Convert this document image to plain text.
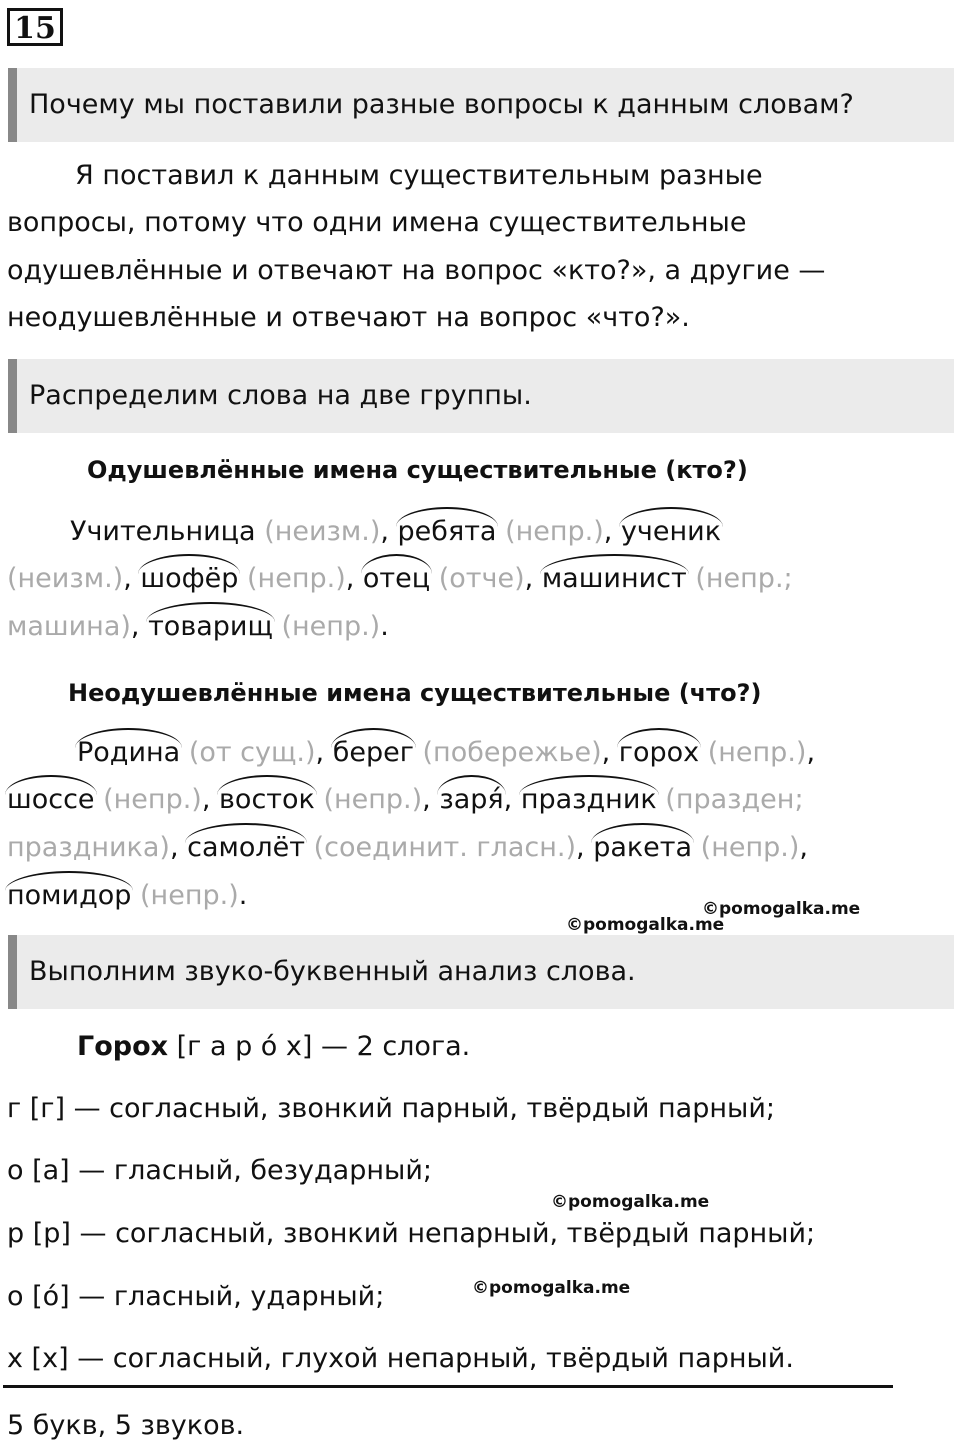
15
Почему мы поставили разные вопросы к данным словам?
Я поставил к данным существительным разные
вопросы, потому что одни имена существительные
одушевлённые и отвечают на вопрос «кто?», а другие —
неодушевлённые и отвечают на вопрос «что?».
Распределим слова на две группы.
Одушевлённые имена существительные (кто?)
Учительница (неизм.), ребята (непр.), ученик
(неизм.), шофёр (непр.), отец (отче), машинист (непр.;
машина), товарищ (непр.).
Неодушевлённые имена существительные (что?)
Родина (от сущ.), берег (побережье), горох (непр.),
шоссе (непр.), восток (непр.), заря́, праздник (празден;
праздника), самолёт (соединит. гласн.), ракета (непр.),
помидор (непр.).	©pomogalka.me
©pomogalka.me
Выполним звуко-буквенный анализ слова.
Горох [г а р ó х] — 2 слога.
г [г] — согласный, звонкий парный, твёрдый парный;
о [а] — гласный, безударный;
©pomogalka.me
р [р] — согласный, звонкий непарный, твёрдый парный;
©pomogalka.me
о [ó] — гласный, ударный;
х [х] — согласный, глухой непарный, твёрдый парный.
5 букв, 5 звуков.
